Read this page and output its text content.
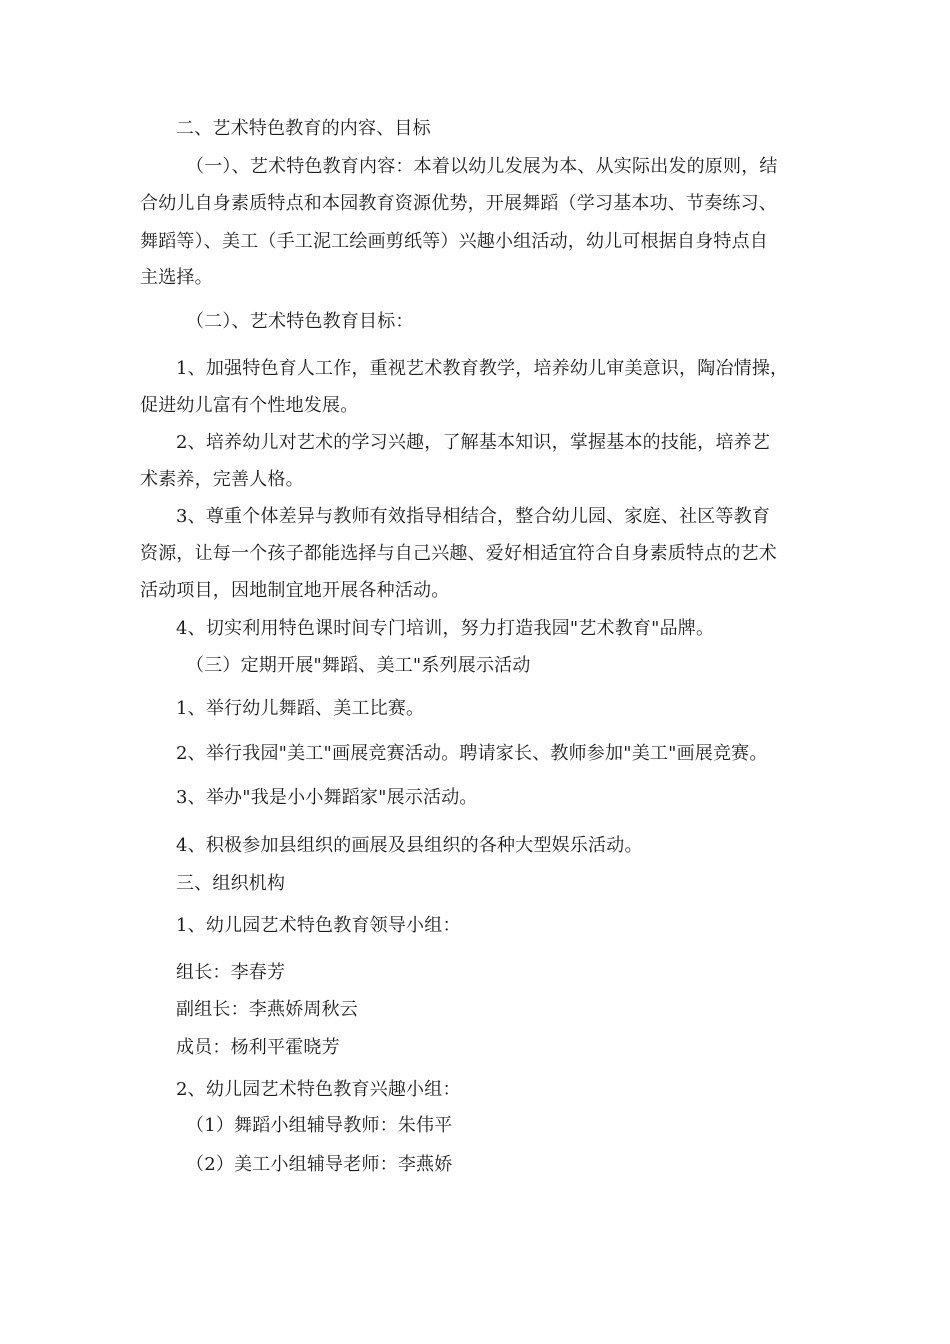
二、艺术特色教育的内容、目标
（一）、艺术特色教育内容：本着以幼儿发展为本、从实际出发的原则，结
合幼儿自身素质特点和本园教育资源优势，开展舞蹈（学习基本功、节奏练习、
舞蹈等）、美工（手工泥工绘画剪纸等）兴趣小组活动，幼儿可根据自身特点自
主选择。
（二）、艺术特色教育目标：
1、加强特色育人工作，重视艺术教育教学，培养幼儿审美意识，陶冶情操，
促进幼儿富有个性地发展。
2、培养幼儿对艺术的学习兴趣，了解基本知识，掌握基本的技能，培养艺
术素养，完善人格。
3、尊重个体差异与教师有效指导相结合，整合幼儿园、家庭、社区等教育
资源，让每一个孩子都能选择与自己兴趣、爱好相适宜符合自身素质特点的艺术
活动项目，因地制宜地开展各种活动。
4、切实利用特色课时间专门培训，努力打造我园"艺术教育"品牌。
（三）定期开展"舞蹈、美工"系列展示活动
1、举行幼儿舞蹈、美工比赛。
2、举行我园"美工"画展竞赛活动。聘请家长、教师参加"美工"画展竞赛。
3、举办"我是小小舞蹈家"展示活动。
4、积极参加县组织的画展及县组织的各种大型娱乐活动。
三、组织机构
1、幼儿园艺术特色教育领导小组：
组长：李春芳
副组长：李燕娇周秋云
成员：杨利平霍晓芳
2、幼儿园艺术特色教育兴趣小组：
（1）舞蹈小组辅导教师：朱伟平
（2）美工小组辅导老师：李燕娇
